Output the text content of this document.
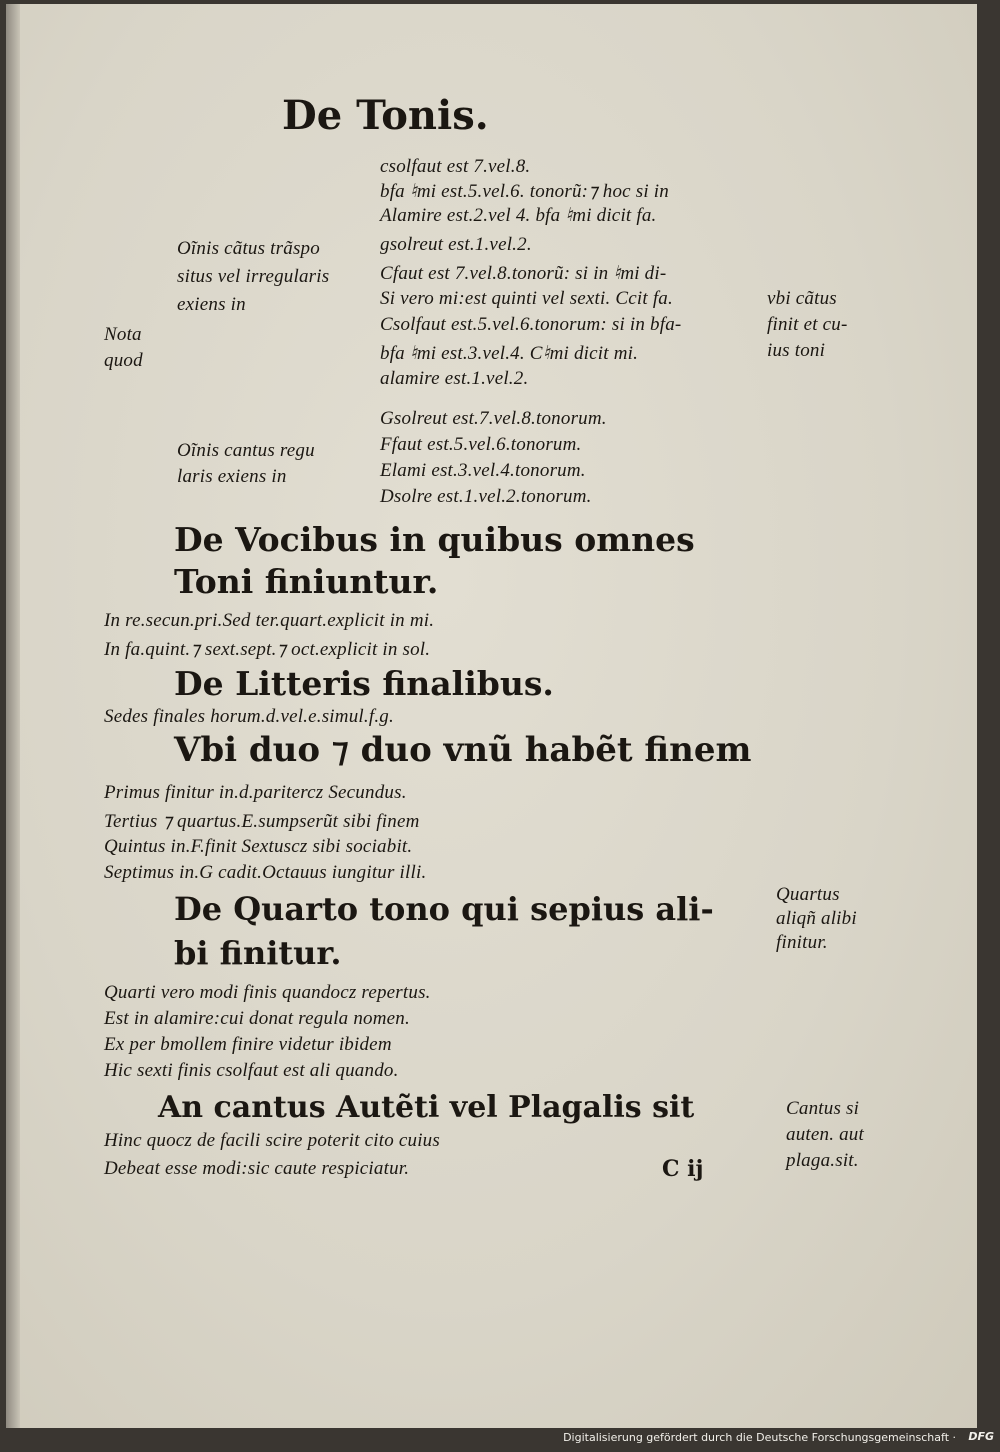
De Tonis.
csolfaut est 7.vel.8.
bfa ♮mi est.5.vel.6. tonorũ:⁊ hoc si in
Alamire est.2.vel 4. bfa ♮mi dicit fa.
gsolreut est.1.vel.2.
Cfaut est 7.vel.8.tonorũ: si in ♮mi di-
Si vero mi:est quinti vel sexti. Ccit fa.
Csolfaut est.5.vel.6.tonorum: si in bfa-
bfa ♮mi est.3.vel.4. C♮mi dicit mi.
alamire est.1.vel.2.
Oĩnis cãtus trãspo
situs vel irregularis
exiens in
Nota
quod
vbi cãtus
finit et cu-
ius toni
Gsolreut est.7.vel.8.tonorum.
Ffaut est.5.vel.6.tonorum.
Elami est.3.vel.4.tonorum.
Dsolre est.1.vel.2.tonorum.
Oĩnis cantus regu
laris exiens in
De Vocibus in quibus omnes
Toni finiuntur.
In re.secun.pri.Sed ter.quart.explicit in mi.
In fa.quint.⁊ sext.sept.⁊ oct.explicit in sol.
De Litteris finalibus.
Sedes finales horum.d.vel.e.simul.f.g.
Vbi duo ⁊ duo vnũ habẽt finem
Primus finitur in.d.paritercz Secundus.
Tertius ⁊ quartus.E.sumpserũt sibi finem
Quintus in.F.finit Sextuscz sibi sociabit.
Septimus in.G cadit.Octauus iungitur illi.
De Quarto tono qui sepius ali-
bi finitur.
Quartus
aliqñ alibi
finitur.
Quarti vero modi finis quandocz repertus.
Est in alamire:cui donat regula nomen.
Ex per bmollem finire videtur ibidem
Hic sexti finis csolfaut est ali quando.
An cantus Autẽti vel Plagalis sit
Hinc quocz de facili scire poterit cito cuius
Debeat esse modi:sic caute respiciatur.
Cantus si
auten. aut
plaga.sit.
C ij
Digitalisierung gefördert durch die Deutsche Forschungsgemeinschaft · DFG
